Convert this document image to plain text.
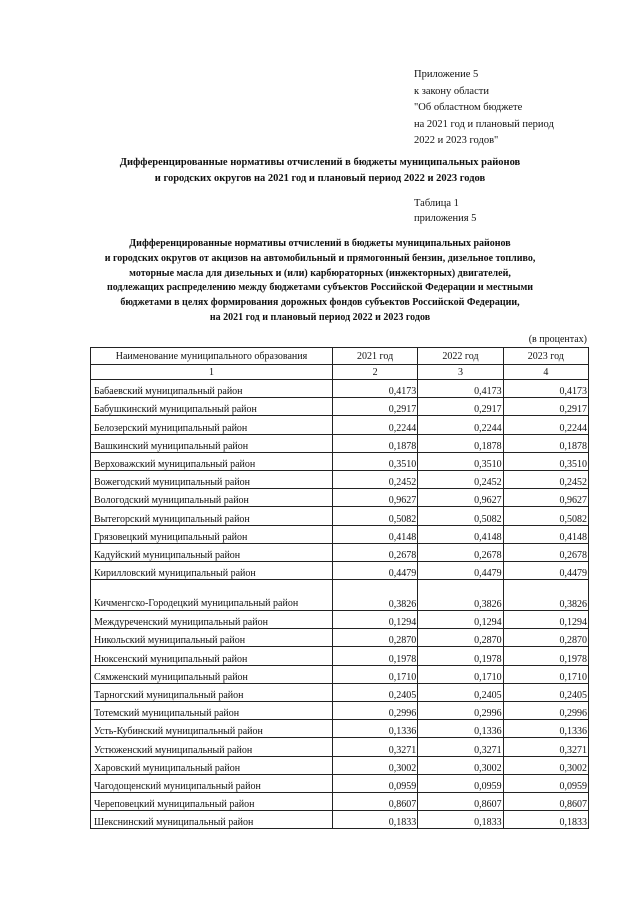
Приложение 5
к закону области
"Об областном бюджете
на 2021 год и плановый период
2022 и 2023 годов"
Дифференцированные нормативы отчислений в бюджеты муниципальных районов
и городских округов на 2021 год и плановый период 2022 и 2023 годов
Таблица 1
приложения 5
Дифференцированные нормативы отчислений в бюджеты муниципальных районов
и городских округов от акцизов на автомобильный и прямогонный бензин, дизельное топливо,
моторные масла для дизельных и (или) карбюраторных (инжекторных) двигателей,
подлежащих распределению между бюджетами субъектов Российской Федерации и местными
бюджетами в целях формирования дорожных фондов субъектов Российской Федерации,
на 2021 год и плановый период 2022 и 2023 годов
(в процентах)
Наименование муниципального образования	2021 год	2022 год	2023 год
1	2	3	4
Бабаевский муниципальный район	0,4173	0,4173	0,4173
Бабушкинский муниципальный район	0,2917	0,2917	0,2917
Белозерский муниципальный район	0,2244	0,2244	0,2244
Вашкинский муниципальный район	0,1878	0,1878	0,1878
Верховажский муниципальный район	0,3510	0,3510	0,3510
Вожегодский муниципальный район	0,2452	0,2452	0,2452
Вологодский муниципальный район	0,9627	0,9627	0,9627
Вытегорский муниципальный район	0,5082	0,5082	0,5082
Грязовецкий муниципальный район	0,4148	0,4148	0,4148
Кадуйский муниципальный район	0,2678	0,2678	0,2678
Кирилловский муниципальный район	0,4479	0,4479	0,4479
Кичменгско-Городецкий муниципальный район	0,3826	0,3826	0,3826
Междуреченский муниципальный район	0,1294	0,1294	0,1294
Никольский муниципальный район	0,2870	0,2870	0,2870
Нюксенский муниципальный район	0,1978	0,1978	0,1978
Сямженский муниципальный район	0,1710	0,1710	0,1710
Тарногский муниципальный район	0,2405	0,2405	0,2405
Тотемский муниципальный район	0,2996	0,2996	0,2996
Усть-Кубинский муниципальный район	0,1336	0,1336	0,1336
Устюженский муниципальный район	0,3271	0,3271	0,3271
Харовский муниципальный район	0,3002	0,3002	0,3002
Чагодощенский муниципальный район	0,0959	0,0959	0,0959
Череповецкий муниципальный район	0,8607	0,8607	0,8607
Шекснинский муниципальный район	0,1833	0,1833	0,1833
